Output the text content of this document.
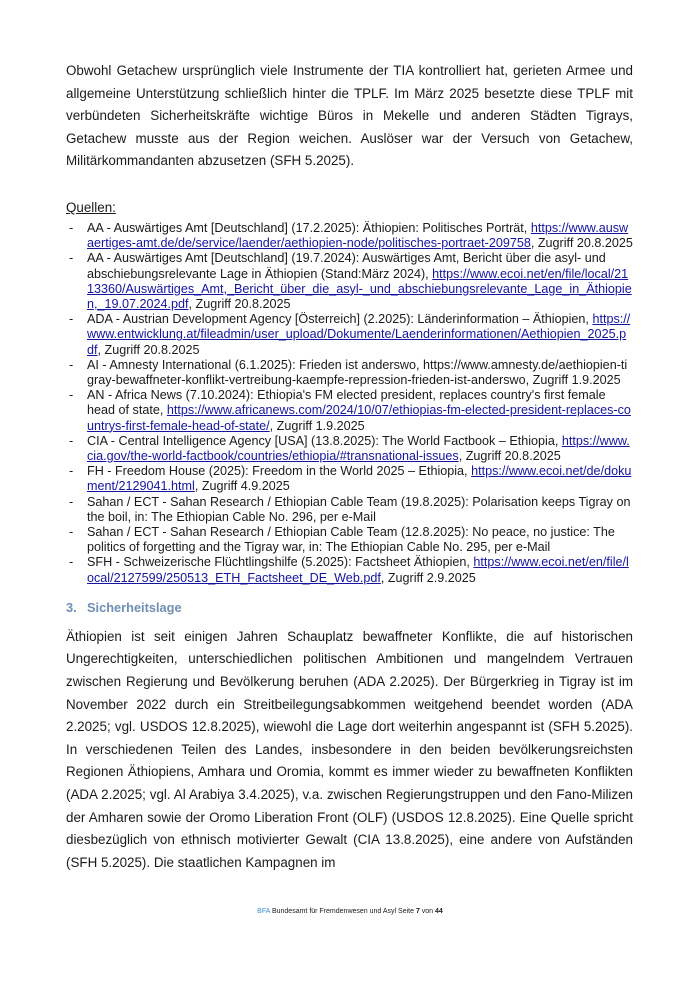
Obwohl Getachew ursprünglich viele Instrumente der TIA kontrolliert hat, gerieten Armee und allgemeine Unterstützung schließlich hinter die TPLF. Im März 2025 besetzte diese TPLF mit verbündeten Sicherheitskräfte wichtige Büros in Mekelle und anderen Städten Tigrays, Getachew musste aus der Region weichen. Auslöser war der Versuch von Getachew, Militärkommandanten abzusetzen (SFH 5.2025).

Quellen:
- AA - Auswärtiges Amt [Deutschland] (17.2.2025): Äthiopien: Politisches Porträt, https://www.auswaertiges-amt.de/de/service/laender/aethiopien-node/politisches-portraet-209758, Zugriff 20.8.2025
- AA - Auswärtiges Amt [Deutschland] (19.7.2024): Auswärtiges Amt, Bericht über die asyl- und abschiebungsrelevante Lage in Äthiopien (Stand:März 2024), https://www.ecoi.net/en/file/local/2113360/Auswärtiges_Amt,_Bericht_über_die_asyl-_und_abschiebungsrelevante_Lage_in_Äthiopien,_19.07.2024.pdf, Zugriff 20.8.2025
- ADA - Austrian Development Agency [Österreich] (2.2025): Länderinformation – Äthiopien, https://www.entwicklung.at/fileadmin/user_upload/Dokumente/Laenderinformationen/Aethiopien_2025.pdf, Zugriff 20.8.2025
- AI - Amnesty International (6.1.2025): Frieden ist anderswo, https://www.amnesty.de/aethiopien-tigray-bewaffneter-konflikt-vertreibung-kaempfe-repression-frieden-ist-anderswo, Zugriff 1.9.2025
- AN - Africa News (7.10.2024): Ethiopia's FM elected president, replaces country's first female head of state, https://www.africanews.com/2024/10/07/ethiopias-fm-elected-president-replaces-countrys-first-female-head-of-state/, Zugriff 1.9.2025
- CIA - Central Intelligence Agency [USA] (13.8.2025): The World Factbook – Ethiopia, https://www.cia.gov/the-world-factbook/countries/ethiopia/#transnational-issues, Zugriff 20.8.2025
- FH - Freedom House (2025): Freedom in the World 2025 – Ethiopia, https://www.ecoi.net/de/dokument/2129041.html, Zugriff 4.9.2025
- Sahan / ECT - Sahan Research / Ethiopian Cable Team (19.8.2025): Polarisation keeps Tigray on the boil, in: The Ethiopian Cable No. 296, per e-Mail
- Sahan / ECT - Sahan Research / Ethiopian Cable Team (12.8.2025): No peace, no justice: The politics of forgetting and the Tigray war, in: The Ethiopian Cable No. 295, per e-Mail
- SFH - Schweizerische Flüchtlingshilfe (5.2025): Factsheet Äthiopien, https://www.ecoi.net/en/file/local/2127599/250513_ETH_Factsheet_DE_Web.pdf, Zugriff 2.9.2025
3. Sicherheitslage

Äthiopien ist seit einigen Jahren Schauplatz bewaffneter Konflikte, die auf historischen Ungerechtigkeiten, unterschiedlichen politischen Ambitionen und mangelndem Vertrauen zwischen Regierung und Bevölkerung beruhen (ADA 2.2025). Der Bürgerkrieg in Tigray ist im November 2022 durch ein Streitbeilegungsabkommen weitgehend beendet worden (ADA 2.2025; vgl. USDOS 12.8.2025), wiewohl die Lage dort weiterhin angespannt ist (SFH 5.2025). In verschiedenen Teilen des Landes, insbesondere in den beiden bevölkerungsreichsten Regionen Äthiopiens, Amhara und Oromia, kommt es immer wieder zu bewaffneten Konflikten (ADA 2.2025; vgl. Al Arabiya 3.4.2025), v.a. zwischen Regierungstruppen und den Fano-Milizen der Amharen sowie der Oromo Liberation Front (OLF) (USDOS 12.8.2025). Eine Quelle spricht diesbezüglich von ethnisch motivierter Gewalt (CIA 13.8.2025), eine andere von Aufständen (SFH 5.2025). Die staatlichen Kampagnen im

BFA Bundesamt für Fremdenwesen und Asyl Seite 7 von 44
